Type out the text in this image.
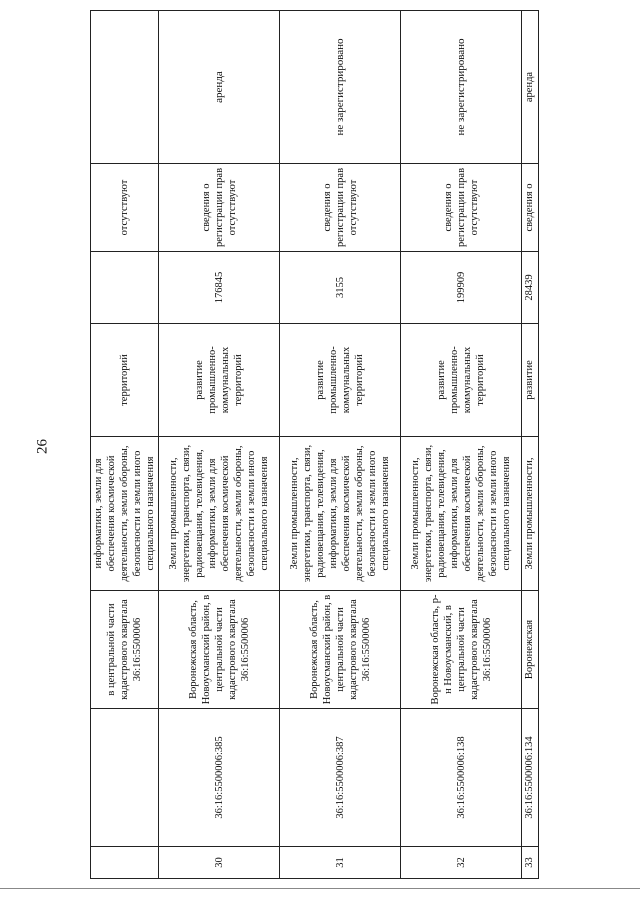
26
		в центральной части кадастрового квартала 36:16:5500006	информатики, земли для обеспечения космической деятельности, земли обороны, безопасности и земли иного специального назначения	территорий		отсутствуют	
30	36:16:5500006:385	Воронежская область, Новоусманский район, в центральной части кадастрового квартала 36:16:5500006	Земли промышленности, энергетики, транспорта, связи, радиовещания, телевидения, информатики, земли для обеспечения космической деятельности, земли обороны, безопасности и земли иного специального назначения	развитие промышленно-коммунальных территорий	176845	сведения о регистрации прав отсутствуют	аренда
31	36:16:5500006:387	Воронежская область, Новоусманский район, в центральной части кадастрового квартала 36:16:5500006	Земли промышленности, энергетики, транспорта, связи, радиовещания, телевидения, информатики, земли для обеспечения космической деятельности, земли обороны, безопасности и земли иного специального назначения	развитие промышленно-коммунальных территорий	3155	сведения о регистрации прав отсутствуют	не зарегистрировано
32	36:16:5500006:138	Воронежская область, р-н Новоусманский, в центральной части кадастрового квартала 36:16:5500006	Земли промышленности, энергетики, транспорта, связи, радиовещания, телевидения, информатики, земли для обеспечения космической деятельности, земли обороны, безопасности и земли иного специального назначения	развитие промышленно-коммунальных территорий	199909	сведения о регистрации прав отсутствуют	не зарегистрировано
33	36:16:5500006:134	Воронежская	Земли промышленности,	развитие	28439	сведения о	аренда
